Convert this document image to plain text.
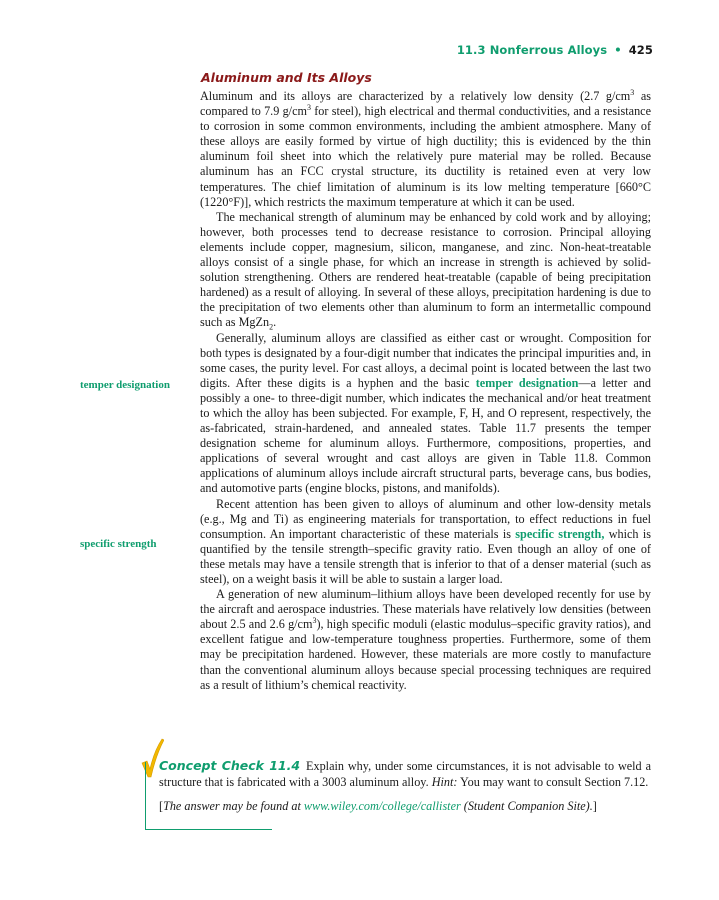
11.3 Nonferrous Alloys • 425
Aluminum and Its Alloys
temper designation
specific strength

Aluminum and its alloys are characterized by a relatively low density (2.7 $g/cm^3$ as compared to 7.9 $g/cm^3$ for steel), high electrical and thermal conductivities, and a resistance to corrosion in some common environments, including the ambient atmosphere. Many of these alloys are easily formed by virtue of high ductility; this is evidenced by the thin aluminum foil sheet into which the relatively pure material may be rolled. Because aluminum has an FCC crystal structure, its ductility is retained even at very low temperatures. The chief limitation of aluminum is its low melting temperature [660°C (1220°F)], which restricts the maximum temperature at which it can be used.

The mechanical strength of aluminum may be enhanced by cold work and by alloying; however, both processes tend to decrease resistance to corrosion. Principal alloying elements include copper, magnesium, silicon, manganese, and zinc. Non-heat-treatable alloys consist of a single phase, for which an increase in strength is achieved by solid-solution strengthening. Others are rendered heat-treatable (capable of being precipitation hardened) as a result of alloying. In several of these alloys, precipitation hardening is due to the precipitation of two elements other than aluminum to form an intermetallic compound such as MgZn$_2$.

Generally, aluminum alloys are classified as either cast or wrought. Composition for both types is designated by a four-digit number that indicates the principal impurities and, in some cases, the purity level. For cast alloys, a decimal point is located between the last two digits. After these digits is a hyphen and the basic temper designation—a letter and possibly a one- to three-digit number, which indicates the mechanical and/or heat treatment to which the alloy has been subjected. For example, F, H, and O represent, respectively, the as-fabricated, strain-hardened, and annealed states. Table 11.7 presents the temper designation scheme for aluminum alloys. Furthermore, compositions, properties, and applications of several wrought and cast alloys are given in Table 11.8. Common applications of aluminum alloys include aircraft structural parts, beverage cans, bus bodies, and automotive parts (engine blocks, pistons, and manifolds).

Recent attention has been given to alloys of aluminum and other low-density metals (e.g., Mg and Ti) as engineering materials for transportation, to effect reductions in fuel consumption. An important characteristic of these materials is specific strength, which is quantified by the tensile strength–specific gravity ratio. Even though an alloy of one of these metals may have a tensile strength that is inferior to that of a denser material (such as steel), on a weight basis it will be able to sustain a larger load.

A generation of new aluminum–lithium alloys have been developed recently for use by the aircraft and aerospace industries. These materials have relatively low densities (between about 2.5 and 2.6 $g/cm^3$), high specific moduli (elastic modulus–specific gravity ratios), and excellent fatigue and low-temperature toughness properties. Furthermore, some of them may be precipitation hardened. However, these materials are more costly to manufacture than the conventional aluminum alloys because special processing techniques are required as a result of lithium’s chemical reactivity.

Concept Check 11.4 Explain why, under some circumstances, it is not advisable to weld a structure that is fabricated with a 3003 aluminum alloy. Hint: You may want to consult Section 7.12.

[The answer may be found at www.wiley.com/college/callister (Student Companion Site).]
